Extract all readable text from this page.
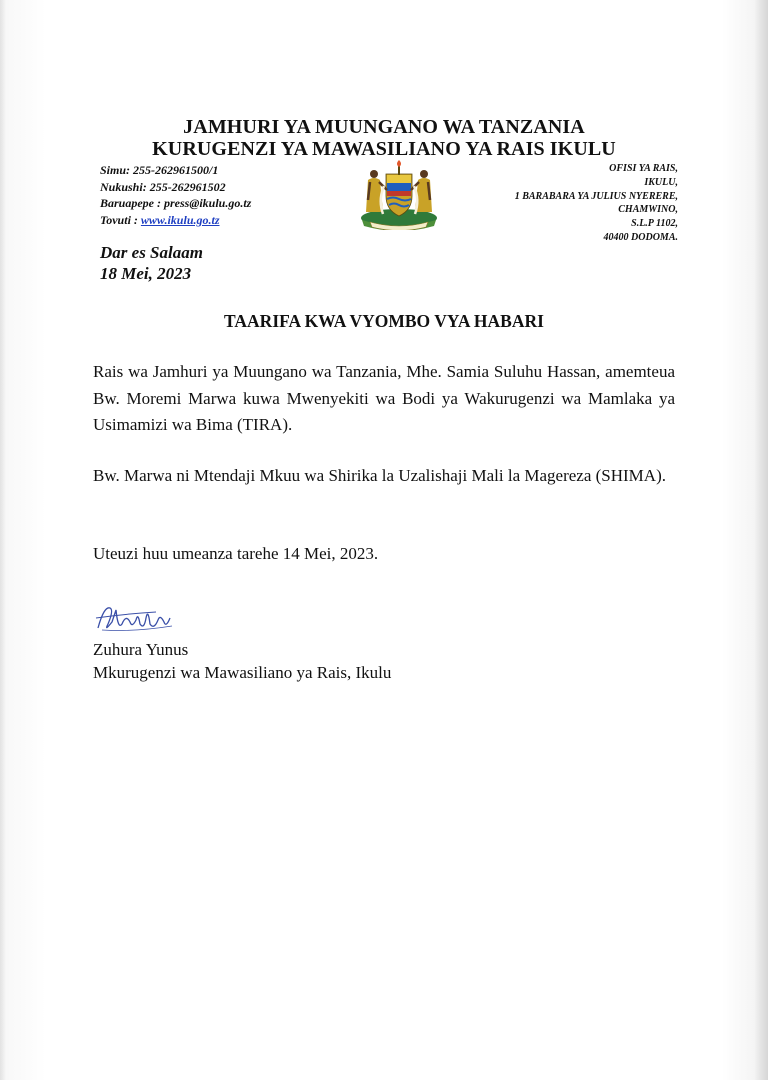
JAMHURI YA MUUNGANO WA TANZANIA
KURUGENZI YA MAWASILIANO YA RAIS IKULU
Simu: 255-262961500/1
Nukushi: 255-262961502
Baruapepe : press@ikulu.go.tz
Tovuti : www.ikulu.go.tz
OFISI YA RAIS,
IKULU,
1 BARABARA YA JULIUS NYERERE,
CHAMWINO,
S.L.P 1102,
40400 DODOMA.
Dar es Salaam
18 Mei, 2023
TAARIFA KWA VYOMBO VYA HABARI
Rais wa Jamhuri ya Muungano wa Tanzania, Mhe. Samia Suluhu Hassan, amemteua Bw. Moremi Marwa kuwa Mwenyekiti wa Bodi ya Wakurugenzi wa Mamlaka ya Usimamizi wa Bima (TIRA).
Bw. Marwa ni Mtendaji Mkuu wa Shirika la Uzalishaji Mali la Magereza (SHIMA).
Uteuzi huu umeanza tarehe 14 Mei, 2023.
Zuhura Yunus
Mkurugenzi wa Mawasiliano ya Rais, Ikulu
